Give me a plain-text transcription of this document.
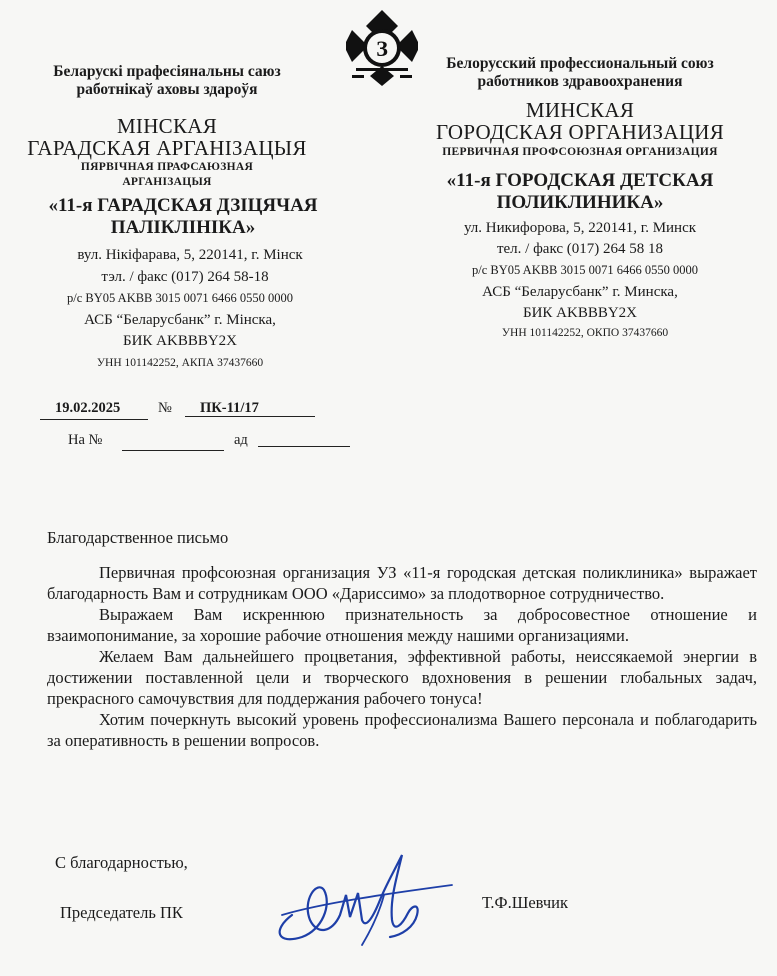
З
Беларускі прафесіянальны саюз
работнікаў аховы здароўя
МІНСКАЯ
ГАРАДСКАЯ АРГАНІЗАЦЫЯ
ПЯРВІЧНАЯ ПРАФСАЮЗНАЯ
АРГАНІЗАЦЫЯ
«11-я ГАРАДСКАЯ ДЗІЦЯЧАЯ
ПАЛІКЛІНІКА»
вул. Нікіфарава, 5, 220141, г. Мінск
тэл. / факс (017) 264 58-18
р/с BY05 AKBB 3015 0071 6466 0550 0000
АСБ “Беларусбанк” г. Мінска,
БИК AKBBBY2X
УНН 101142252, АКПА 37437660
Белорусский профессиональный союз
работников здравоохранения
МИНСКАЯ
ГОРОДСКАЯ ОРГАНИЗАЦИЯ
ПЕРВИЧНАЯ ПРОФСОЮЗНАЯ ОРГАНИЗАЦИЯ
«11-я ГОРОДСКАЯ ДЕТСКАЯ
ПОЛИКЛИНИКА»
ул. Никифорова, 5, 220141, г. Минск
тел. / факс (017) 264 58 18
р/с BY05 AKBB 3015 0071 6466 0550 0000
АСБ “Беларусбанк” г. Минска,
БИК AKBBBY2X
УНН 101142252, ОКПО 37437660
19.02.2025	№ ПК-11/17
На №	ад
Благодарственное письмо

Первичная профсоюзная организация УЗ «11-я городская детская поликлиника» выражает благодарность Вам и сотрудникам ООО «Дариссимо» за плодотворное сотрудничество.

Выражаем Вам искреннюю признательность за добросовестное отношение и взаимопонимание, за хорошие рабочие отношения между нашими организациями.

Желаем Вам дальнейшего процветания, эффективной работы, неиссякаемой энергии в достижении поставленной цели и творческого вдохновения в решении глобальных задач, прекрасного самочувствия для поддержания рабочего тонуса!

Хотим почеркнуть высокий уровень профессионализма Вашего персонала и поблагодарить за оперативность в решении вопросов.

С благодарностью,
Председатель ПК
Т.Ф.Шевчик
